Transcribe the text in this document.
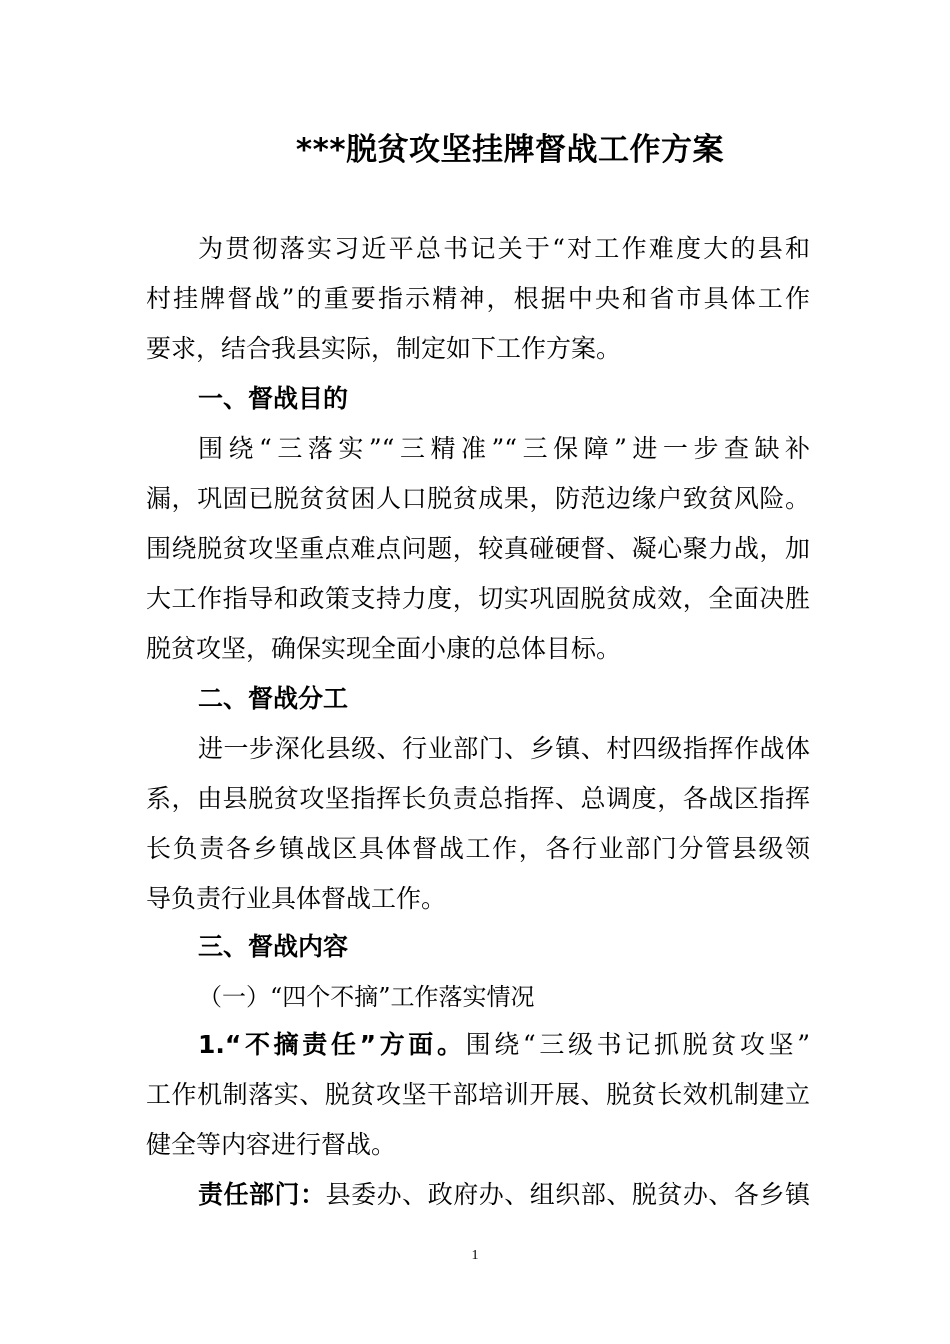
***脱贫攻坚挂牌督战工作方案
为贯彻落实习近平总书记关于“对工作难度大的县和
村挂牌督战”的重要指示精神，根据中央和省市具体工作
要求，结合我县实际，制定如下工作方案。
一、督战目的
围绕“三落实”“三精准”“三保障”进一步查缺补
漏，巩固已脱贫贫困人口脱贫成果，防范边缘户致贫风险。
围绕脱贫攻坚重点难点问题，较真碰硬督、凝心聚力战，加
大工作指导和政策支持力度，切实巩固脱贫成效，全面决胜
脱贫攻坚，确保实现全面小康的总体目标。
二、督战分工
进一步深化县级、行业部门、乡镇、村四级指挥作战体
系，由县脱贫攻坚指挥长负责总指挥、总调度，各战区指挥
长负责各乡镇战区具体督战工作，各行业部门分管县级领
导负责行业具体督战工作。
三、督战内容
（一）“四个不摘”工作落实情况
1.“不摘责任”方面。围绕“三级书记抓脱贫攻坚”
工作机制落实、脱贫攻坚干部培训开展、脱贫长效机制建立
健全等内容进行督战。
责任部门：县委办、政府办、组织部、脱贫办、各乡镇
1
